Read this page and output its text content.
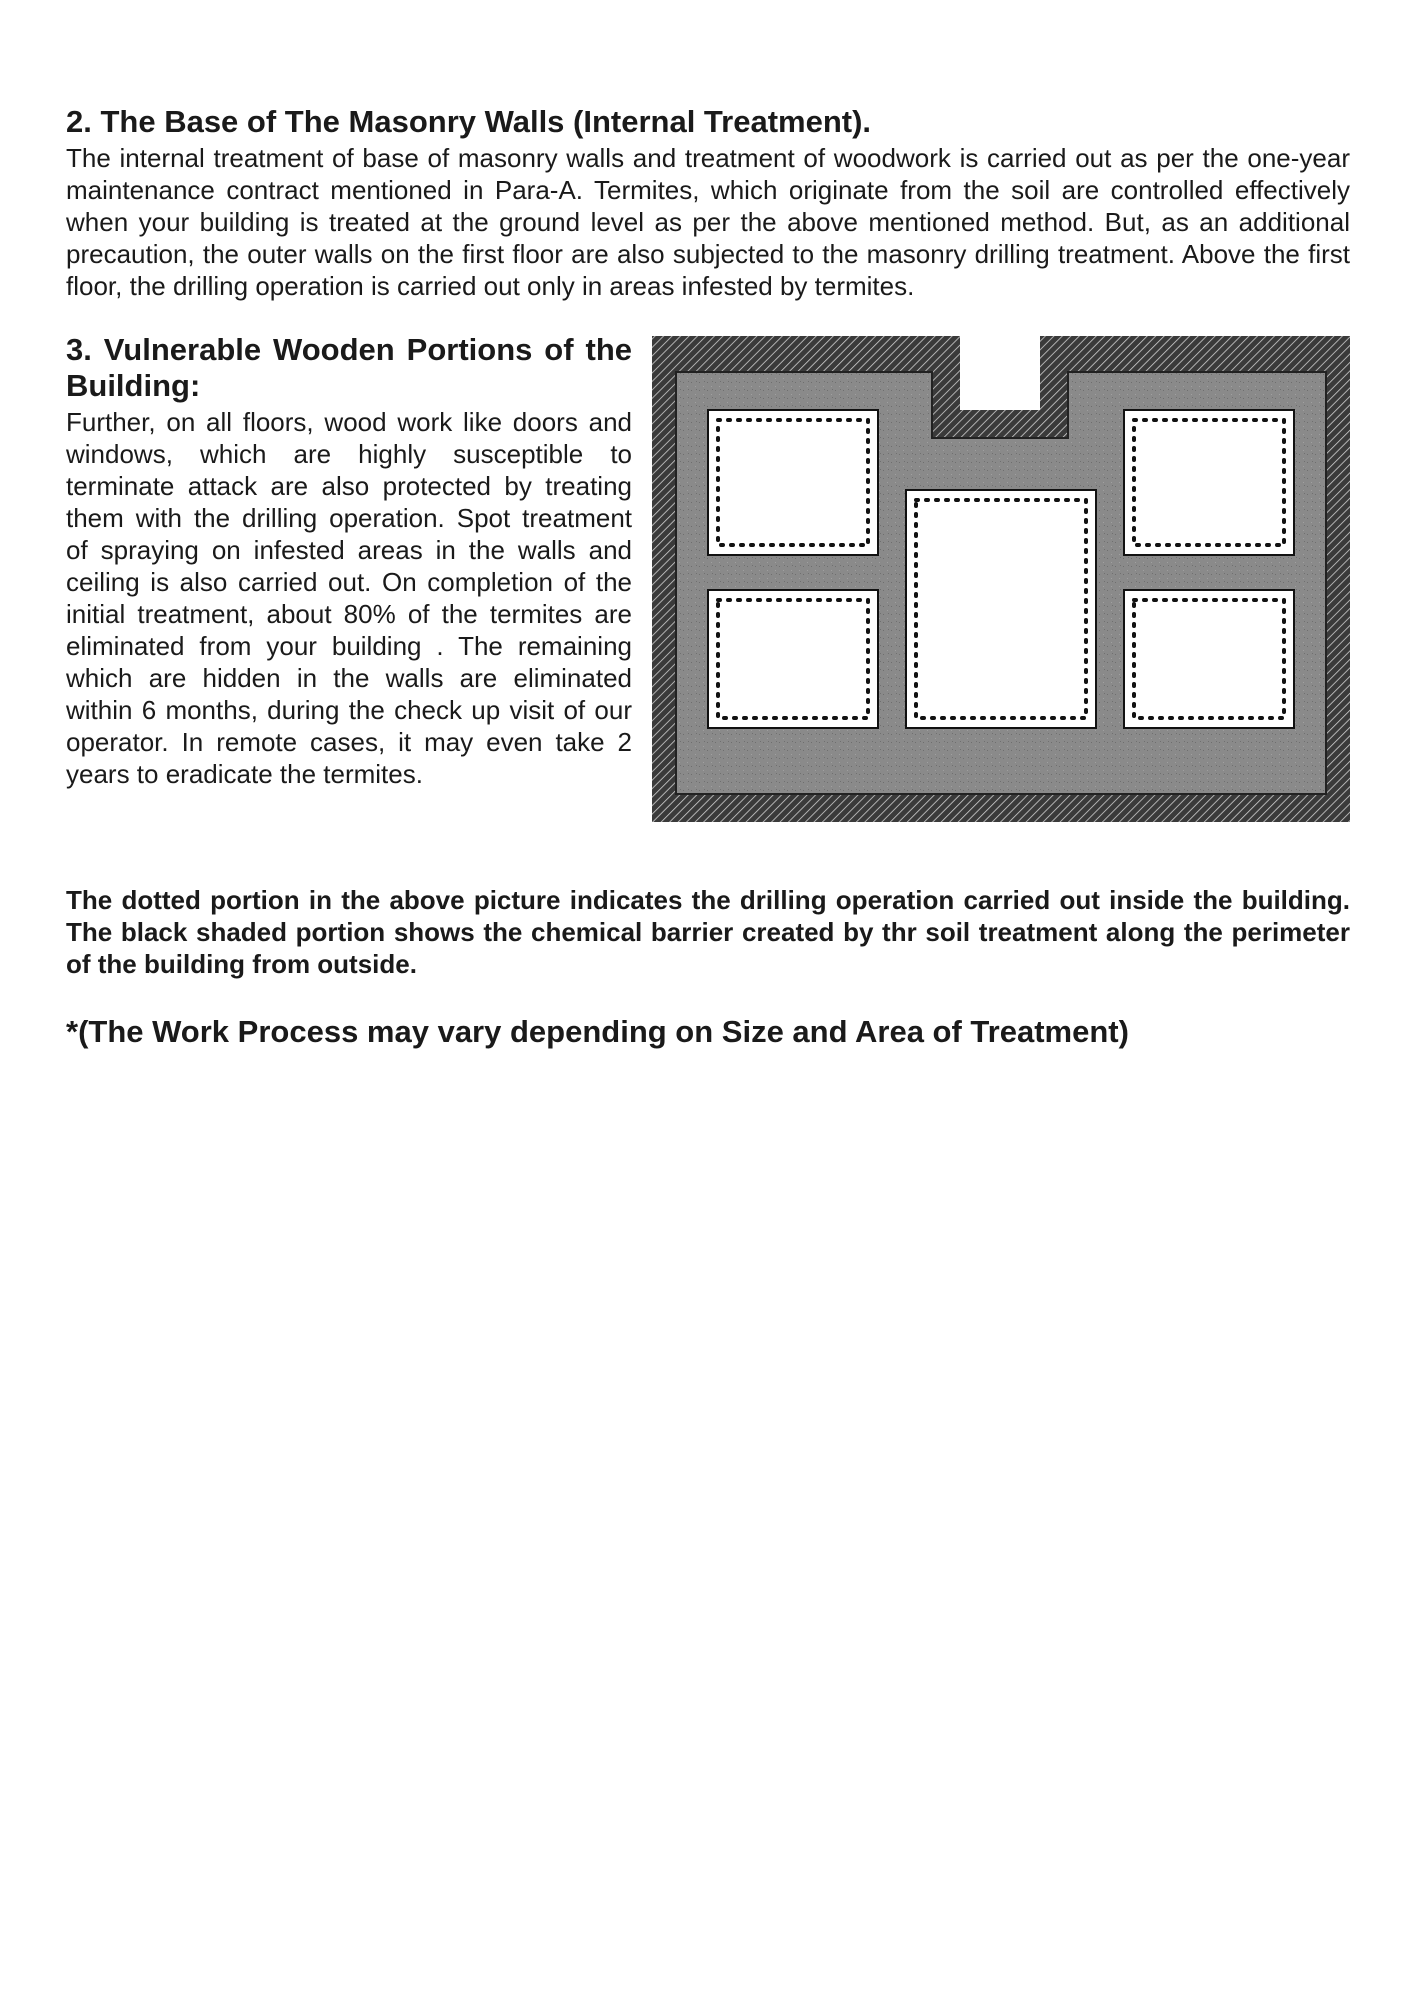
2. The Base of The Masonry Walls (Internal Treatment).

The internal treatment of base of masonry walls and treatment of woodwork is carried out as per the one-year maintenance contract mentioned in Para-A. Termites, which originate from the soil are controlled effectively when your building is treated at the ground level as per the above mentioned method. But, as an additional precaution, the outer walls on the first floor are also subjected to the masonry drilling treatment. Above the first floor, the drilling operation is carried out only in areas infested by termites.

3. Vulnerable Wooden Portions of the Building:

Further, on all floors, wood work like doors and windows, which are highly susceptible to terminate attack are also protected by treating them with the drilling operation. Spot treatment of spraying on infested areas in the walls and ceiling is also carried out. On completion of the initial treatment, about 80% of the termites are eliminated from your building . The remaining which are hidden in the walls are eliminated within 6 months, during the check up visit of our operator. In remote cases, it may even take 2 years to eradicate the termites.

The dotted portion in the above picture indicates the drilling operation carried out inside the building. The black shaded portion shows the chemical barrier created by thr soil treatment along the perimeter of the building from outside.

*(The Work Process may vary depending on Size and Area of Treatment)
